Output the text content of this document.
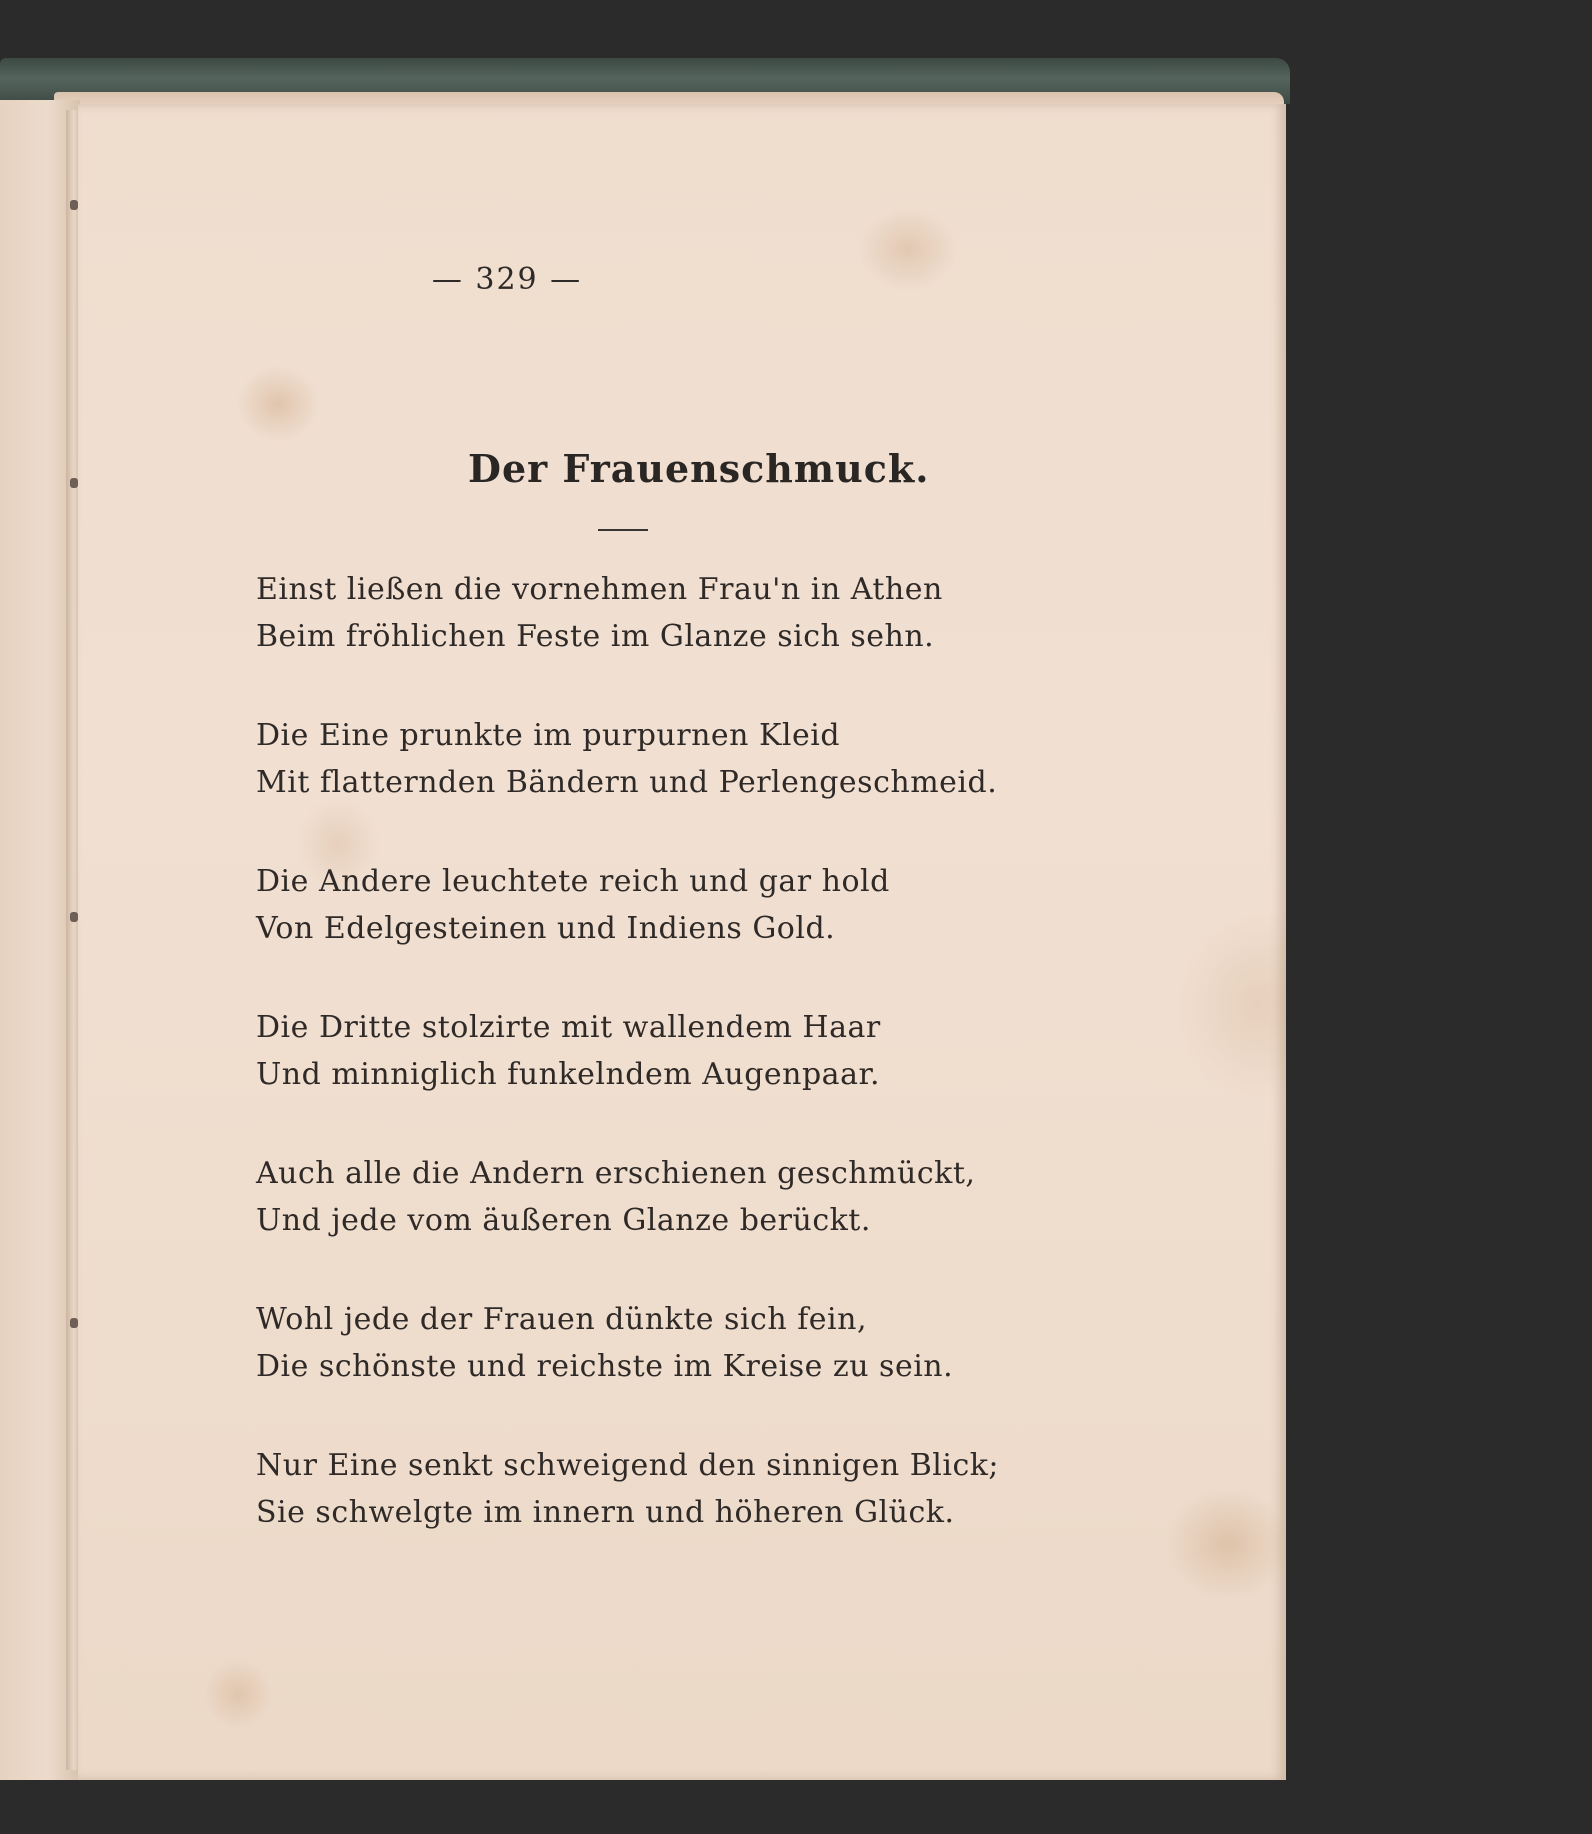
— 329 —
Der Frauenschmuck.
Einst ließen die vornehmen Frau'n in Athen
Beim fröhlichen Feste im Glanze sich sehn.
Die Eine prunkte im purpurnen Kleid
Mit flatternden Bändern und Perlengeschmeid.
Die Andere leuchtete reich und gar hold
Von Edelgesteinen und Indiens Gold.
Die Dritte stolzirte mit wallendem Haar
Und minniglich funkelndem Augenpaar.
Auch alle die Andern erschienen geschmückt,
Und jede vom äußeren Glanze berückt.
Wohl jede der Frauen dünkte sich fein,
Die schönste und reichste im Kreise zu sein.
Nur Eine senkt schweigend den sinnigen Blick;
Sie schwelgte im innern und höheren Glück.
